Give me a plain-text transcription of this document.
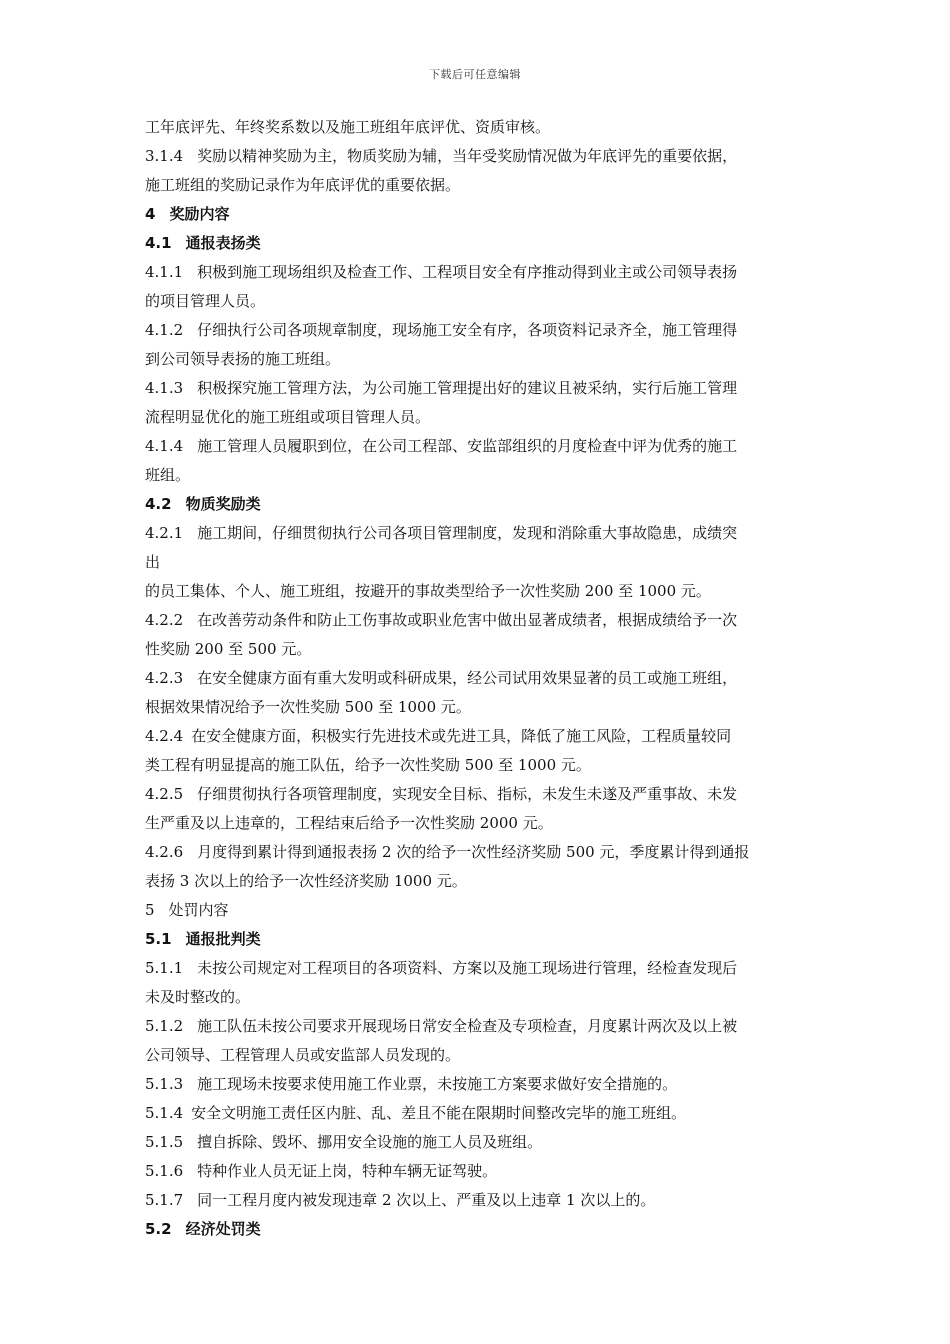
下载后可任意编辑
工年底评先、年终奖系数以及施工班组年底评优、资质审核。
3.1.4 奖励以精神奖励为主，物质奖励为辅，当年受奖励情况做为年底评先的重要依据，
施工班组的奖励记录作为年底评优的重要依据。
4 奖励内容
4.1 通报表扬类
4.1.1 积极到施工现场组织及检查工作、工程项目安全有序推动得到业主或公司领导表扬
的项目管理人员。
4.1.2 仔细执行公司各项规章制度，现场施工安全有序，各项资料记录齐全，施工管理得
到公司领导表扬的施工班组。
4.1.3 积极探究施工管理方法，为公司施工管理提出好的建议且被采纳，实行后施工管理
流程明显优化的施工班组或项目管理人员。
4.1.4 施工管理人员履职到位，在公司工程部、安监部组织的月度检查中评为优秀的施工
班组。
4.2 物质奖励类
4.2.1 施工期间，仔细贯彻执行公司各项目管理制度，发现和消除重大事故隐患，成绩突
出
的员工集体、个人、施工班组，按避开的事故类型给予一次性奖励 200 至 1000 元。
4.2.2 在改善劳动条件和防止工伤事故或职业危害中做出显著成绩者，根据成绩给予一次
性奖励 200 至 500 元。
4.2.3 在安全健康方面有重大发明或科研成果，经公司试用效果显著的员工或施工班组，
根据效果情况给予一次性奖励 500 至 1000 元。
4.2.4 在安全健康方面，积极实行先进技术或先进工具，降低了施工风险，工程质量较同
类工程有明显提高的施工队伍，给予一次性奖励 500 至 1000 元。
4.2.5 仔细贯彻执行各项管理制度，实现安全目标、指标，未发生未遂及严重事故、未发
生严重及以上违章的，工程结束后给予一次性奖励 2000 元。
4.2.6 月度得到累计得到通报表扬 2 次的给予一次性经济奖励 500 元，季度累计得到通报
表扬 3 次以上的给予一次性经济奖励 1000 元。
5 处罚内容
5.1 通报批判类
5.1.1 未按公司规定对工程项目的各项资料、方案以及施工现场进行管理，经检查发现后
未及时整改的。
5.1.2 施工队伍未按公司要求开展现场日常安全检查及专项检查，月度累计两次及以上被
公司领导、工程管理人员或安监部人员发现的。
5.1.3 施工现场未按要求使用施工作业票，未按施工方案要求做好安全措施的。
5.1.4 安全文明施工责任区内脏、乱、差且不能在限期时间整改完毕的施工班组。
5.1.5 擅自拆除、毁坏、挪用安全设施的施工人员及班组。
5.1.6 特种作业人员无证上岗，特种车辆无证驾驶。
5.1.7 同一工程月度内被发现违章 2 次以上、严重及以上违章 1 次以上的。
5.2 经济处罚类
